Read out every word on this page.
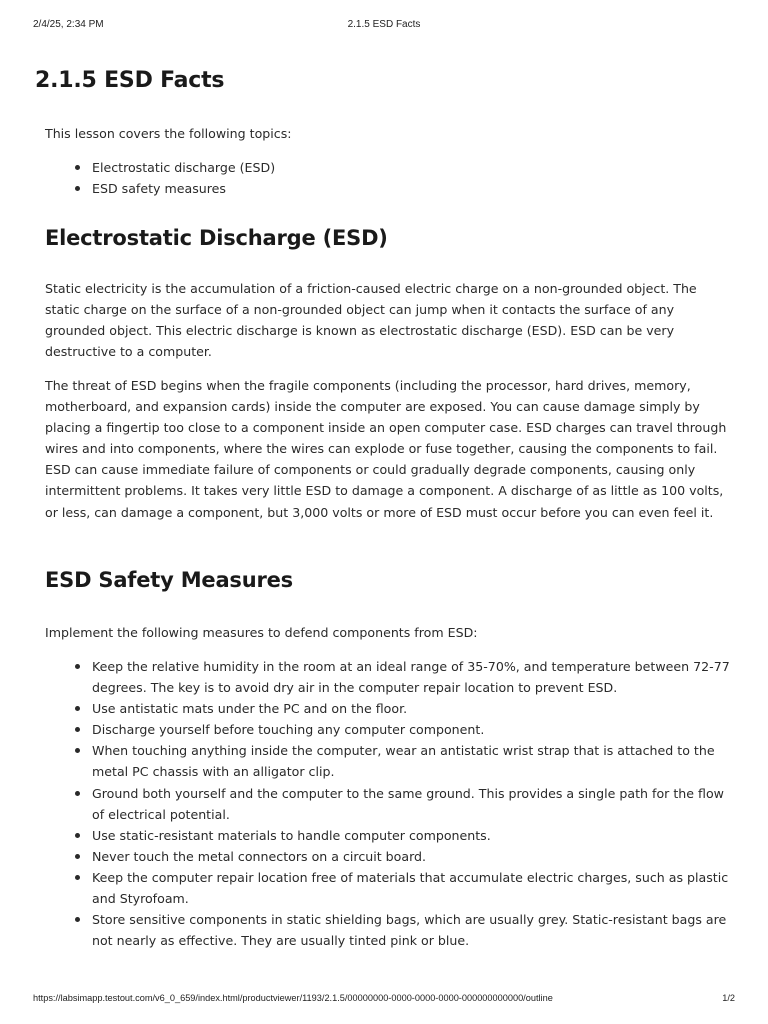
2/4/25, 2:34 PM	2.1.5 ESD Facts
2.1.5 ESD Facts

This lesson covers the following topics:

Electrostatic discharge (ESD)
ESD safety measures
Electrostatic Discharge (ESD)

Static electricity is the accumulation of a friction-caused electric charge on a non-grounded object. The static charge on the surface of a non-grounded object can jump when it contacts the surface of any grounded object. This electric discharge is known as electrostatic discharge (ESD). ESD can be very destructive to a computer.

The threat of ESD begins when the fragile components (including the processor, hard drives, memory, motherboard, and expansion cards) inside the computer are exposed. You can cause damage simply by placing a fingertip too close to a component inside an open computer case. ESD charges can travel through wires and into components, where the wires can explode or fuse together, causing the components to fail. ESD can cause immediate failure of components or could gradually degrade components, causing only intermittent problems. It takes very little ESD to damage a component. A discharge of as little as 100 volts, or less, can damage a component, but 3,000 volts or more of ESD must occur before you can even feel it.

ESD Safety Measures

Implement the following measures to defend components from ESD:

Keep the relative humidity in the room at an ideal range of 35-70%, and temperature between 72-77 degrees. The key is to avoid dry air in the computer repair location to prevent ESD.
Use antistatic mats under the PC and on the floor.
Discharge yourself before touching any computer component.
When touching anything inside the computer, wear an antistatic wrist strap that is attached to the metal PC chassis with an alligator clip.
Ground both yourself and the computer to the same ground. This provides a single path for the flow of electrical potential.
Use static-resistant materials to handle computer components.
Never touch the metal connectors on a circuit board.
Keep the computer repair location free of materials that accumulate electric charges, such as plastic and Styrofoam.
Store sensitive components in static shielding bags, which are usually grey. Static-resistant bags are not nearly as effective. They are usually tinted pink or blue.
https://labsimapp.testout.com/v6_0_659/index.html/productviewer/1193/2.1.5/00000000-0000-0000-0000-000000000000/outline	1/2
